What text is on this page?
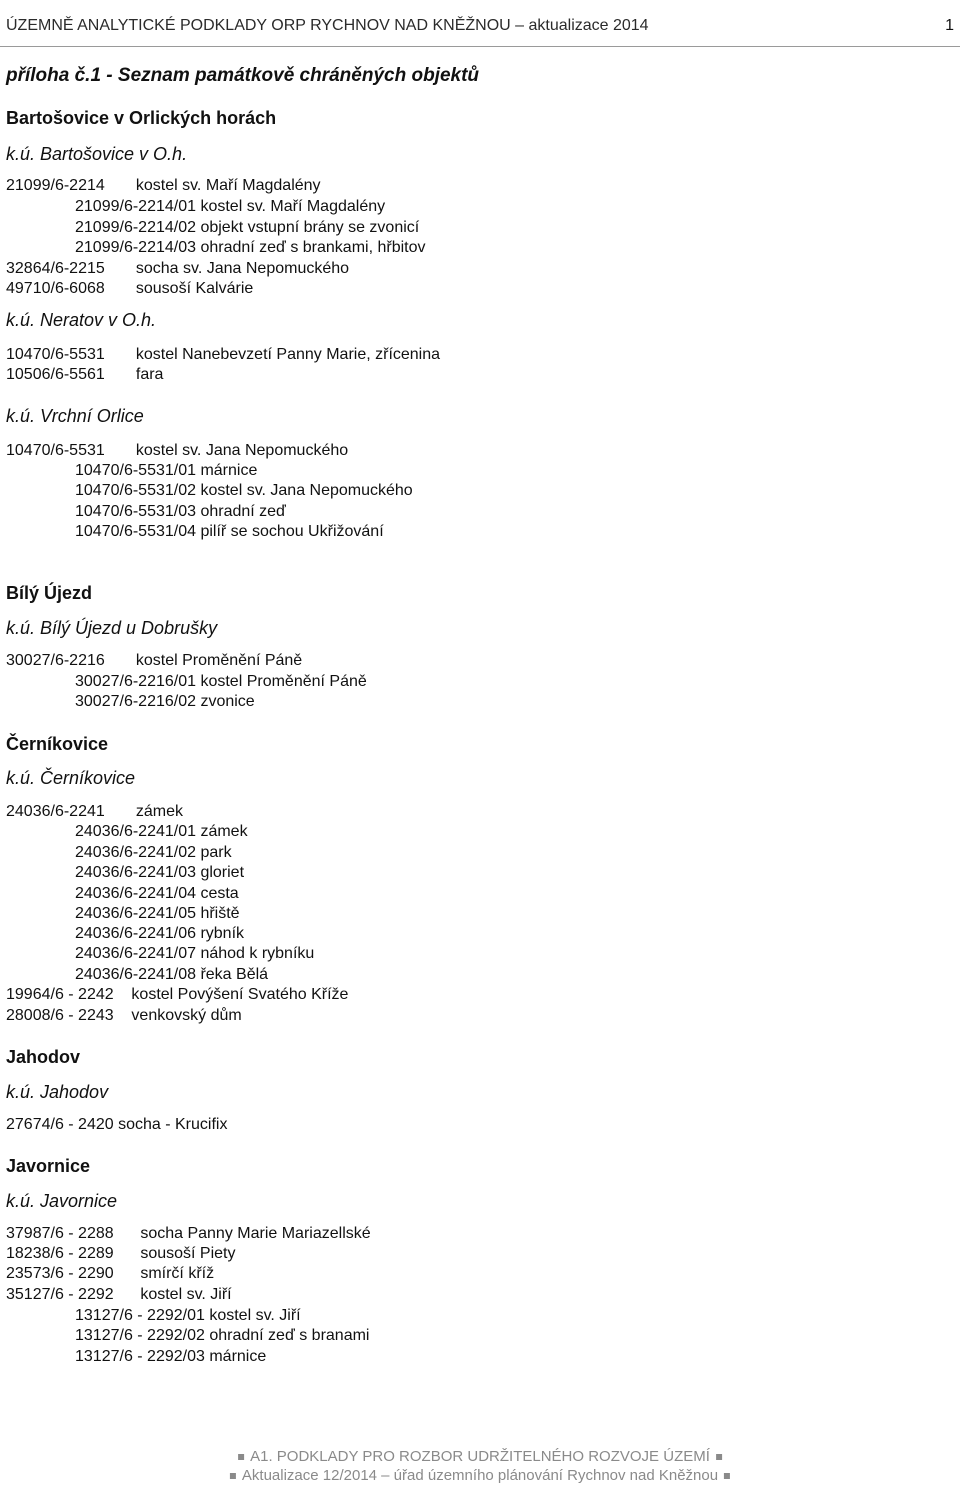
ÚZEMNĚ ANALYTICKÉ PODKLADY ORP RYCHNOV NAD KNĚŽNOU – aktualizace 2014	1
příloha č.1 - Seznam památkově chráněných objektů
Bartošovice v Orlických horách
k.ú. Bartošovice v O.h.
21099/6-2214       kostel sv. Maří Magdalény
21099/6-2214/01 kostel sv. Maří Magdalény
21099/6-2214/02 objekt vstupní brány se zvonicí
21099/6-2214/03 ohradní zeď s brankami, hřbitov
32864/6-2215       socha sv. Jana Nepomuckého
49710/6-6068       sousoší Kalvárie
k.ú. Neratov v O.h.
10470/6-5531       kostel Nanebevzetí Panny Marie, zřícenina
10506/6-5561       fara
k.ú. Vrchní Orlice
10470/6-5531       kostel sv. Jana Nepomuckého
10470/6-5531/01 márnice
10470/6-5531/02 kostel sv. Jana Nepomuckého
10470/6-5531/03 ohradní zeď
10470/6-5531/04 pilíř se sochou Ukřižování
Bílý Újezd
k.ú. Bílý Újezd u Dobrušky
30027/6-2216       kostel Proměnění Páně
30027/6-2216/01 kostel Proměnění Páně
30027/6-2216/02 zvonice
Černíkovice
k.ú. Černíkovice
24036/6-2241       zámek
24036/6-2241/01 zámek
24036/6-2241/02 park
24036/6-2241/03 gloriet
24036/6-2241/04 cesta
24036/6-2241/05 hřiště
24036/6-2241/06 rybník
24036/6-2241/07 náhod k rybníku
24036/6-2241/08 řeka Bělá
19964/6 - 2242    kostel Povýšení Svatého Kříže
28008/6 - 2243    venkovský dům
Jahodov
k.ú. Jahodov
27674/6 - 2420 socha - Krucifix
Javornice
k.ú. Javornice
37987/6 - 2288      socha Panny Marie Mariazellské
18238/6 - 2289      sousoší Piety
23573/6 - 2290      smírčí kříž
35127/6 - 2292      kostel sv. Jiří
13127/6 - 2292/01 kostel sv. Jiří
13127/6 - 2292/02 ohradní zeď s branami
13127/6 - 2292/03 márnice
A1. PODKLADY PRO ROZBOR UDRŽITELNÉHO ROZVOJE ÚZEMÍ
Aktualizace 12/2014 – úřad územního plánování Rychnov nad Kněžnou
